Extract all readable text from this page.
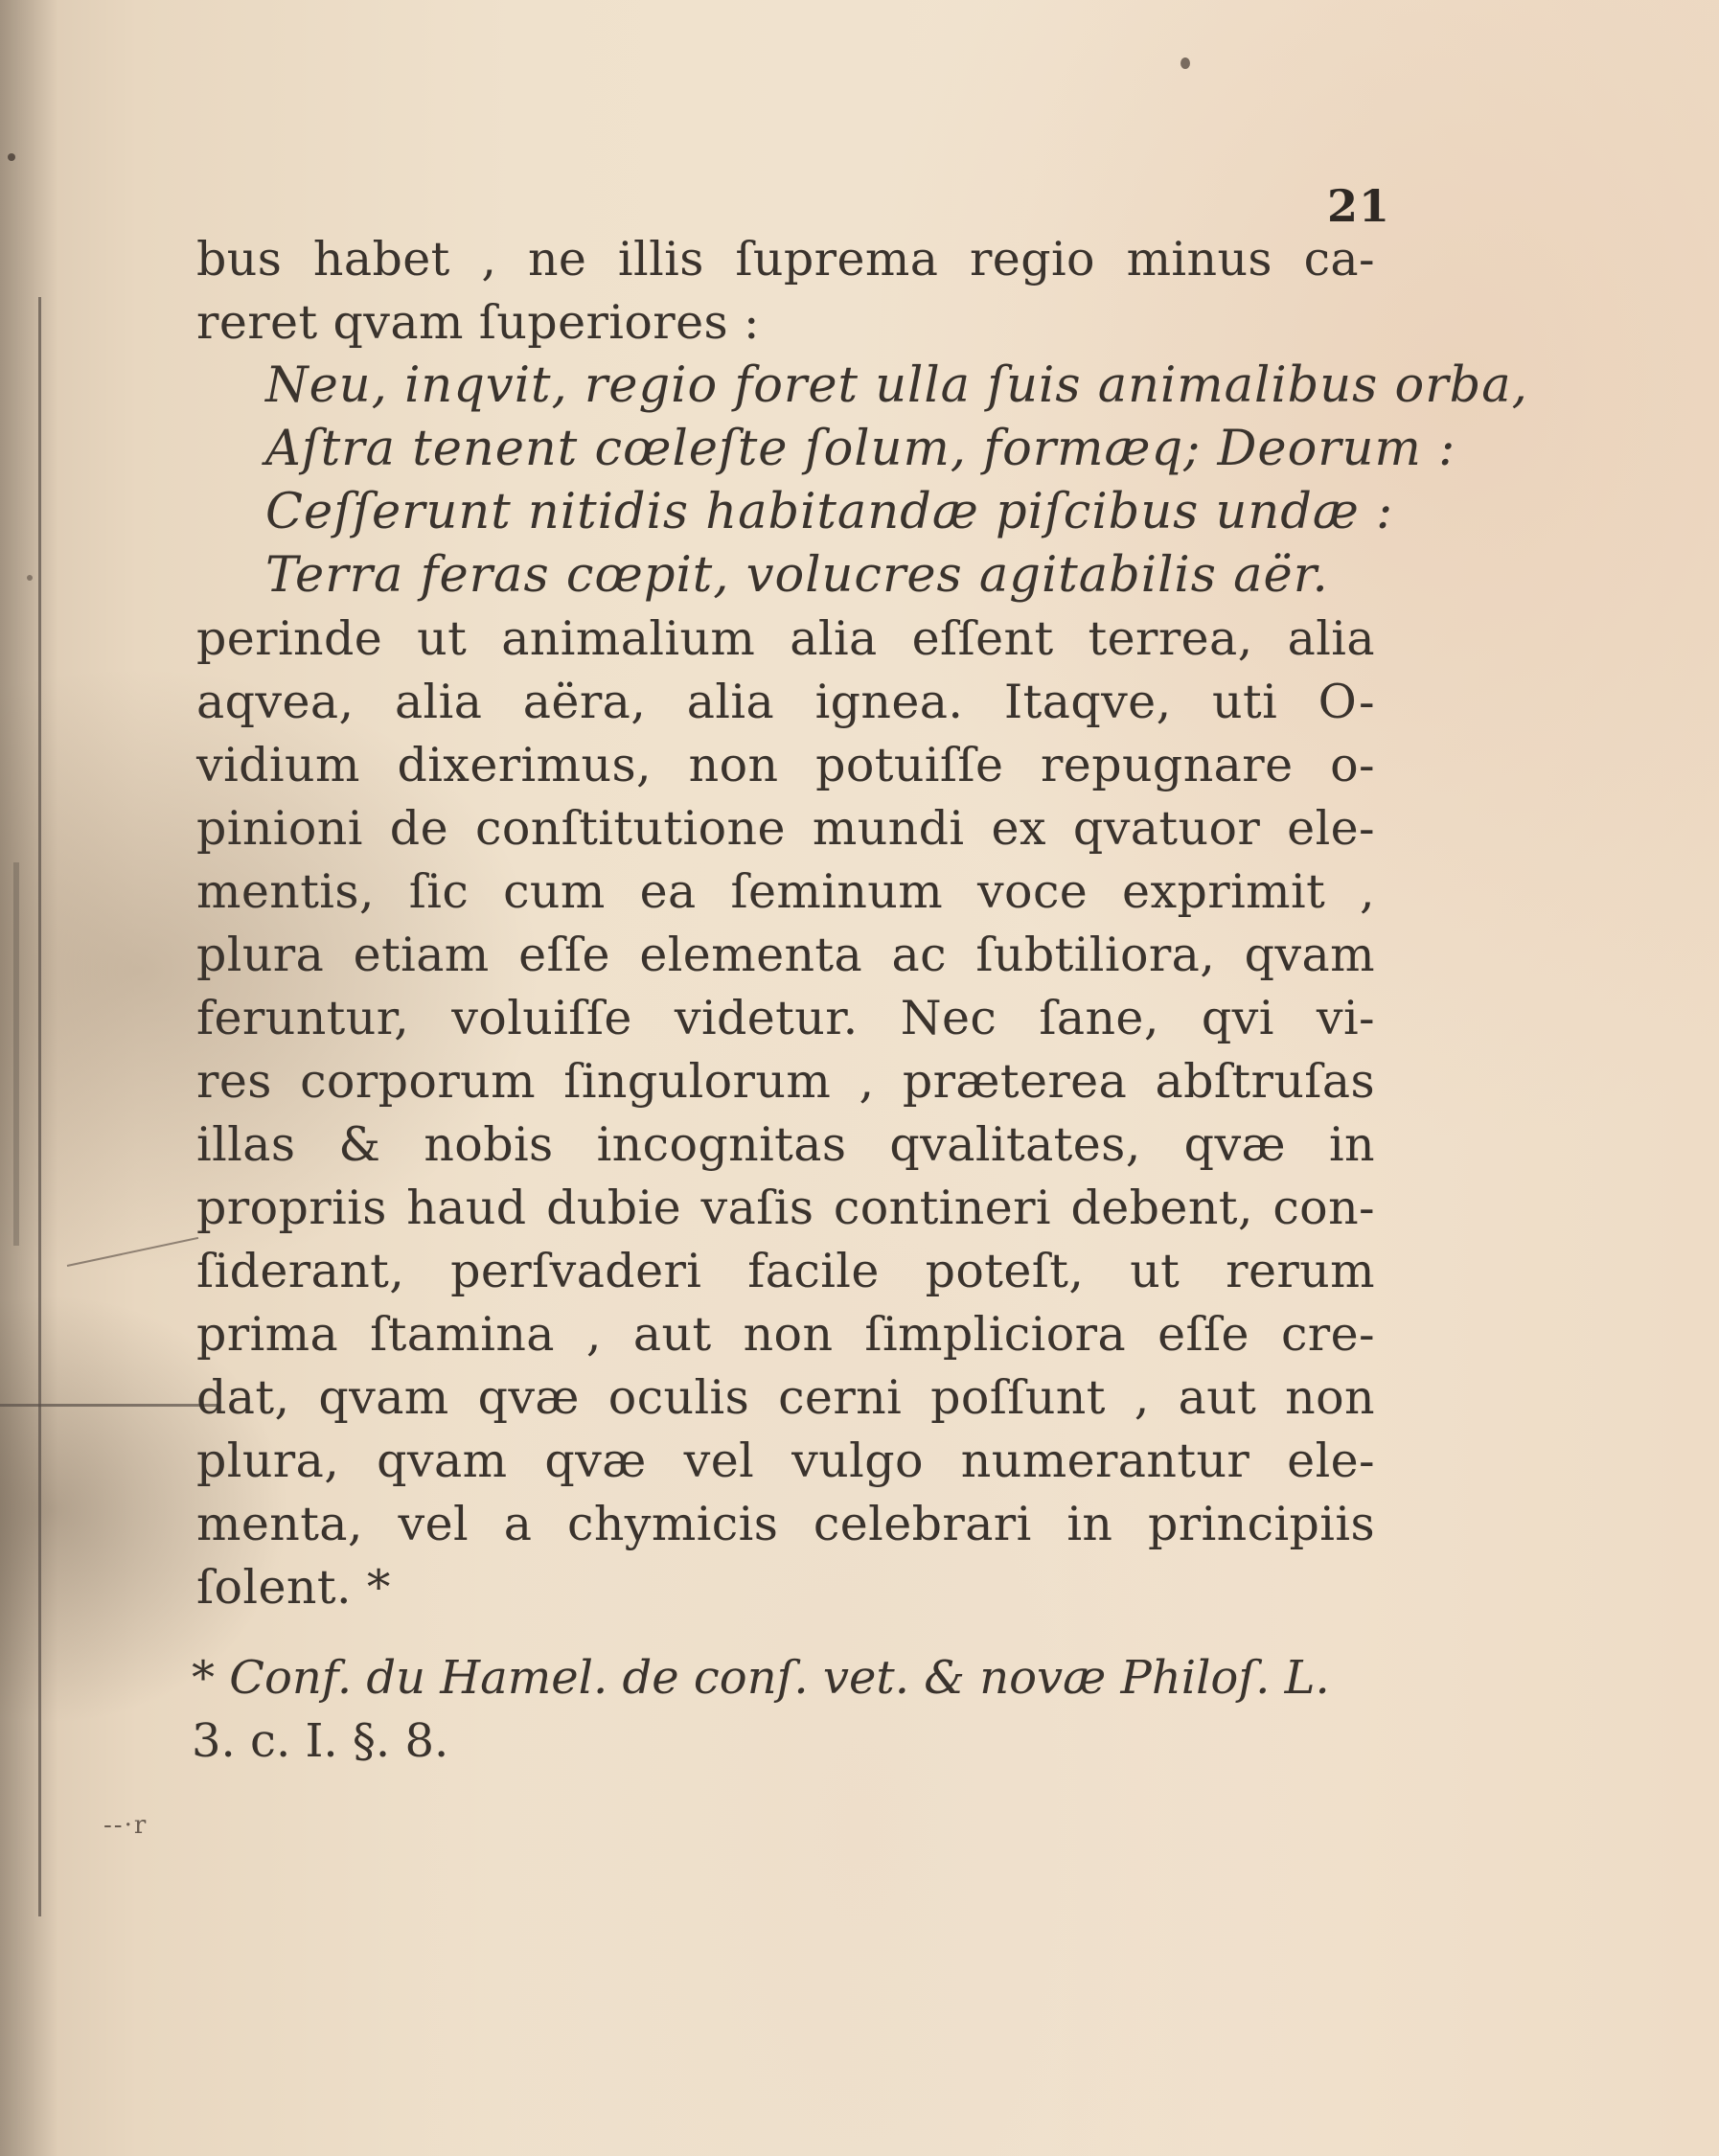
21
bus habet , ne illis ſuprema regio minus ca-
reret qvam ſuperiores :
Neu, inqvit, regio foret ulla ſuis animalibus orba,
Aſtra tenent cœleſte ſolum, formæq; Deorum :
Ceſſerunt nitidis habitandæ piſcibus undæ :
Terra feras cœpit, volucres agitabilis aër.
perinde ut animalium alia eſſent terrea, alia
aqvea, alia aëra, alia ignea. Itaqve, uti O-
vidium dixerimus, non potuiſſe repugnare o-
pinioni de conſtitutione mundi ex qvatuor ele-
mentis, ſic cum ea ſeminum voce exprimit ,
plura etiam eſſe elementa ac ſubtiliora, qvam
feruntur, voluiſſe videtur. Nec ſane, qvi vi-
res corporum ſingulorum , præterea abſtruſas
illas & nobis incognitas qvalitates, qvæ in
propriis haud dubie vaſis contineri debent, con-
ſiderant, perſvaderi facile poteſt, ut rerum
prima ſtamina , aut non ſimpliciora eſſe cre-
dat, qvam qvæ oculis cerni poſſunt , aut non
plura, qvam qvæ vel vulgo numerantur ele-
menta, vel a chymicis celebrari in principiis
ſolent. *
* Conf. du Hamel. de conſ. vet. & novæ Philoſ. L.
3. c. I. §. 8.
--·r
